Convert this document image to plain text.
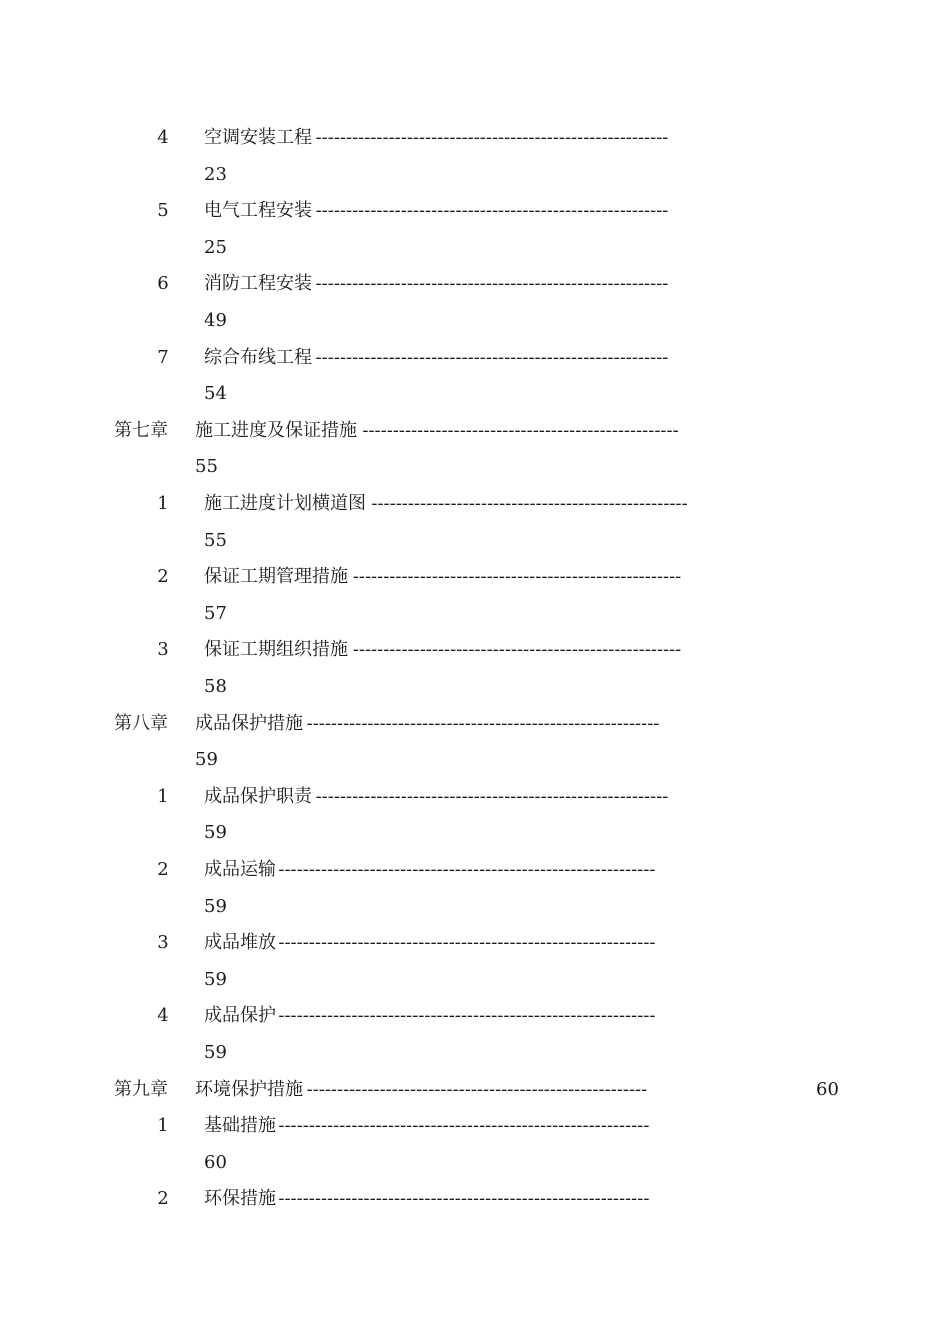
4	空调安装工程 ----------------------------------------------------------
23
5	电气工程安装 ----------------------------------------------------------
25
6	消防工程安装 ----------------------------------------------------------
49
7	综合布线工程 ----------------------------------------------------------
54
第七章	施工进度及保证措施 ----------------------------------------------------
55
1	施工进度计划横道图 ----------------------------------------------------
55
2	保证工期管理措施 ------------------------------------------------------
57
3	保证工期组织措施 ------------------------------------------------------
58
第八章	成品保护措施 ----------------------------------------------------------
59
1	成品保护职责 ----------------------------------------------------------
59
2	成品运输 --------------------------------------------------------------
59
3	成品堆放 --------------------------------------------------------------
59
4	成品保护 --------------------------------------------------------------
59
第九章	环境保护措施 --------------------------------------------------------	60
1	基础措施 -------------------------------------------------------------
60
2	环保措施 -------------------------------------------------------------
